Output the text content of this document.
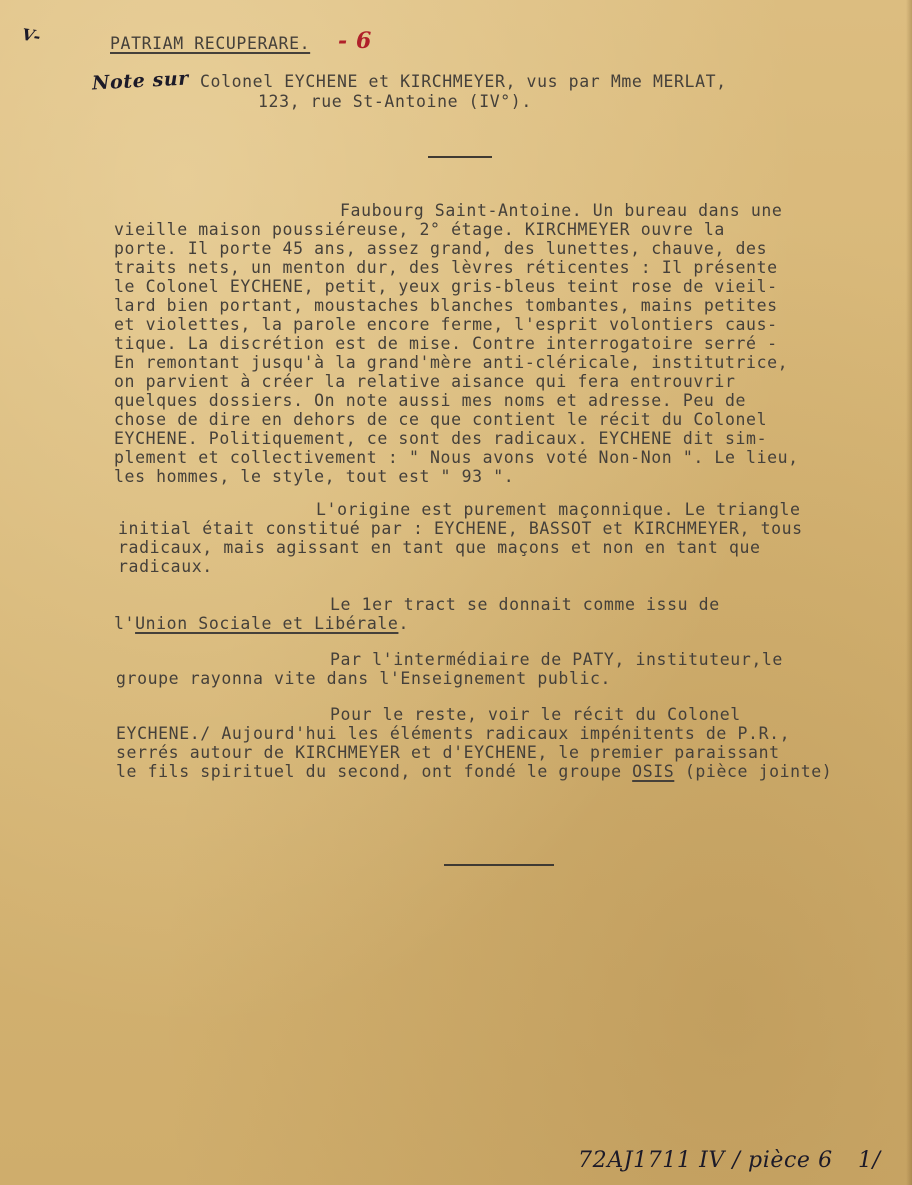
V-	PATRIAM RECUPERARE. - 6
Note sur Colonel EYCHENE et KIRCHMEYER, vus par Mme MERLAT,
123, rue St-Antoine (IV°).
Faubourg Saint-Antoine. Un bureau dans une
vieille maison poussiéreuse, 2° étage. KIRCHMEYER ouvre la
porte. Il porte 45 ans, assez grand, des lunettes, chauve, des
traits nets, un menton dur, des lèvres réticentes : Il présente
le Colonel EYCHENE, petit, yeux gris-bleus teint rose de vieil-
lard bien portant, moustaches blanches tombantes, mains petites
et violettes, la parole encore ferme, l'esprit volontiers caus-
tique. La discrétion est de mise. Contre interrogatoire serré -
En remontant jusqu'à la grand'mère anti-cléricale, institutrice,
on parvient à créer la relative aisance qui fera entrouvrir
quelques dossiers. On note aussi mes noms et adresse. Peu de
chose de dire en dehors de ce que contient le récit du Colonel
EYCHENE. Politiquement, ce sont des radicaux. EYCHENE dit sim-
plement et collectivement : " Nous avons voté Non-Non ". Le lieu,
les hommes, le style, tout est " 93 ".
L'origine est purement maçonnique. Le triangle
initial était constitué par : EYCHENE, BASSOT et KIRCHMEYER, tous
radicaux, mais agissant en tant que maçons et non en tant que
radicaux.
Le 1er tract se donnait comme issu de
l'Union Sociale et Libérale.
Par l'intermédiaire de PATY, instituteur,le
groupe rayonna vite dans l'Enseignement public.
Pour le reste, voir le récit du Colonel
EYCHENE./ Aujourd'hui les éléments radicaux impénitents de P.R.,
serrés autour de KIRCHMEYER et d'EYCHENE, le premier paraissant
le fils spirituel du second, ont fondé le groupe OSIS (pièce jointe)
72AJ1711 IV / pièce 6 1/
